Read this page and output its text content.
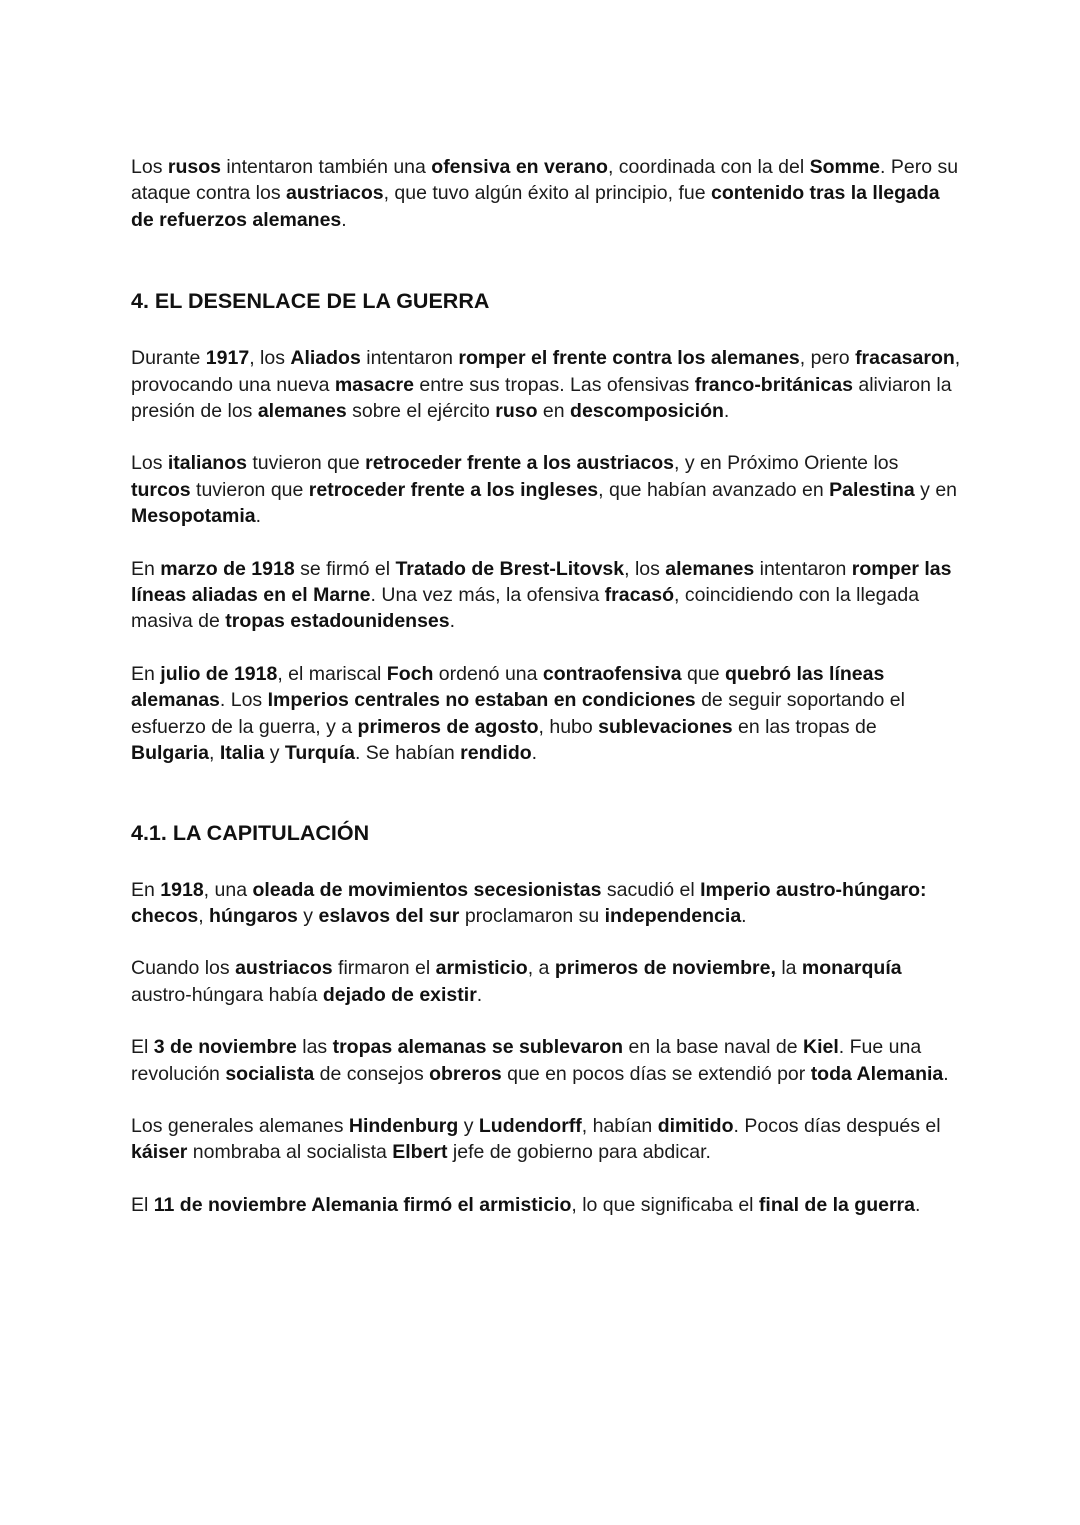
Los rusos intentaron también una ofensiva en verano, coordinada con la del Somme. Pero su ataque contra los austriacos, que tuvo algún éxito al principio, fue contenido tras la llegada de refuerzos alemanes.

4. EL DESENLACE DE LA GUERRA

Durante 1917, los Aliados intentaron romper el frente contra los alemanes, pero fracasaron, provocando una nueva masacre entre sus tropas. Las ofensivas franco-británicas aliviaron la presión de los alemanes sobre el ejército ruso en descomposición.

Los italianos tuvieron que retroceder frente a los austriacos, y en Próximo Oriente los turcos tuvieron que retroceder frente a los ingleses, que habían avanzado en Palestina y en Mesopotamia.

En marzo de 1918 se firmó el Tratado de Brest-Litovsk, los alemanes intentaron romper las líneas aliadas en el Marne. Una vez más, la ofensiva fracasó, coincidiendo con la llegada masiva de tropas estadounidenses.

En julio de 1918, el mariscal Foch ordenó una contraofensiva que quebró las líneas alemanas. Los Imperios centrales no estaban en condiciones de seguir soportando el esfuerzo de la guerra, y a primeros de agosto, hubo sublevaciones en las tropas de Bulgaria, Italia y Turquía. Se habían rendido.

4.1. LA CAPITULACIÓN

En 1918, una oleada de movimientos secesionistas sacudió el Imperio austro-húngaro: checos, húngaros y eslavos del sur proclamaron su independencia.

Cuando los austriacos firmaron el armisticio, a primeros de noviembre, la monarquía austro-húngara había dejado de existir.

El 3 de noviembre las tropas alemanas se sublevaron en la base naval de Kiel. Fue una revolución socialista de consejos obreros que en pocos días se extendió por toda Alemania.

Los generales alemanes Hindenburg y Ludendorff, habían dimitido. Pocos días después el káiser nombraba al socialista Elbert jefe de gobierno para abdicar.

El 11 de noviembre Alemania firmó el armisticio, lo que significaba el final de la guerra.
